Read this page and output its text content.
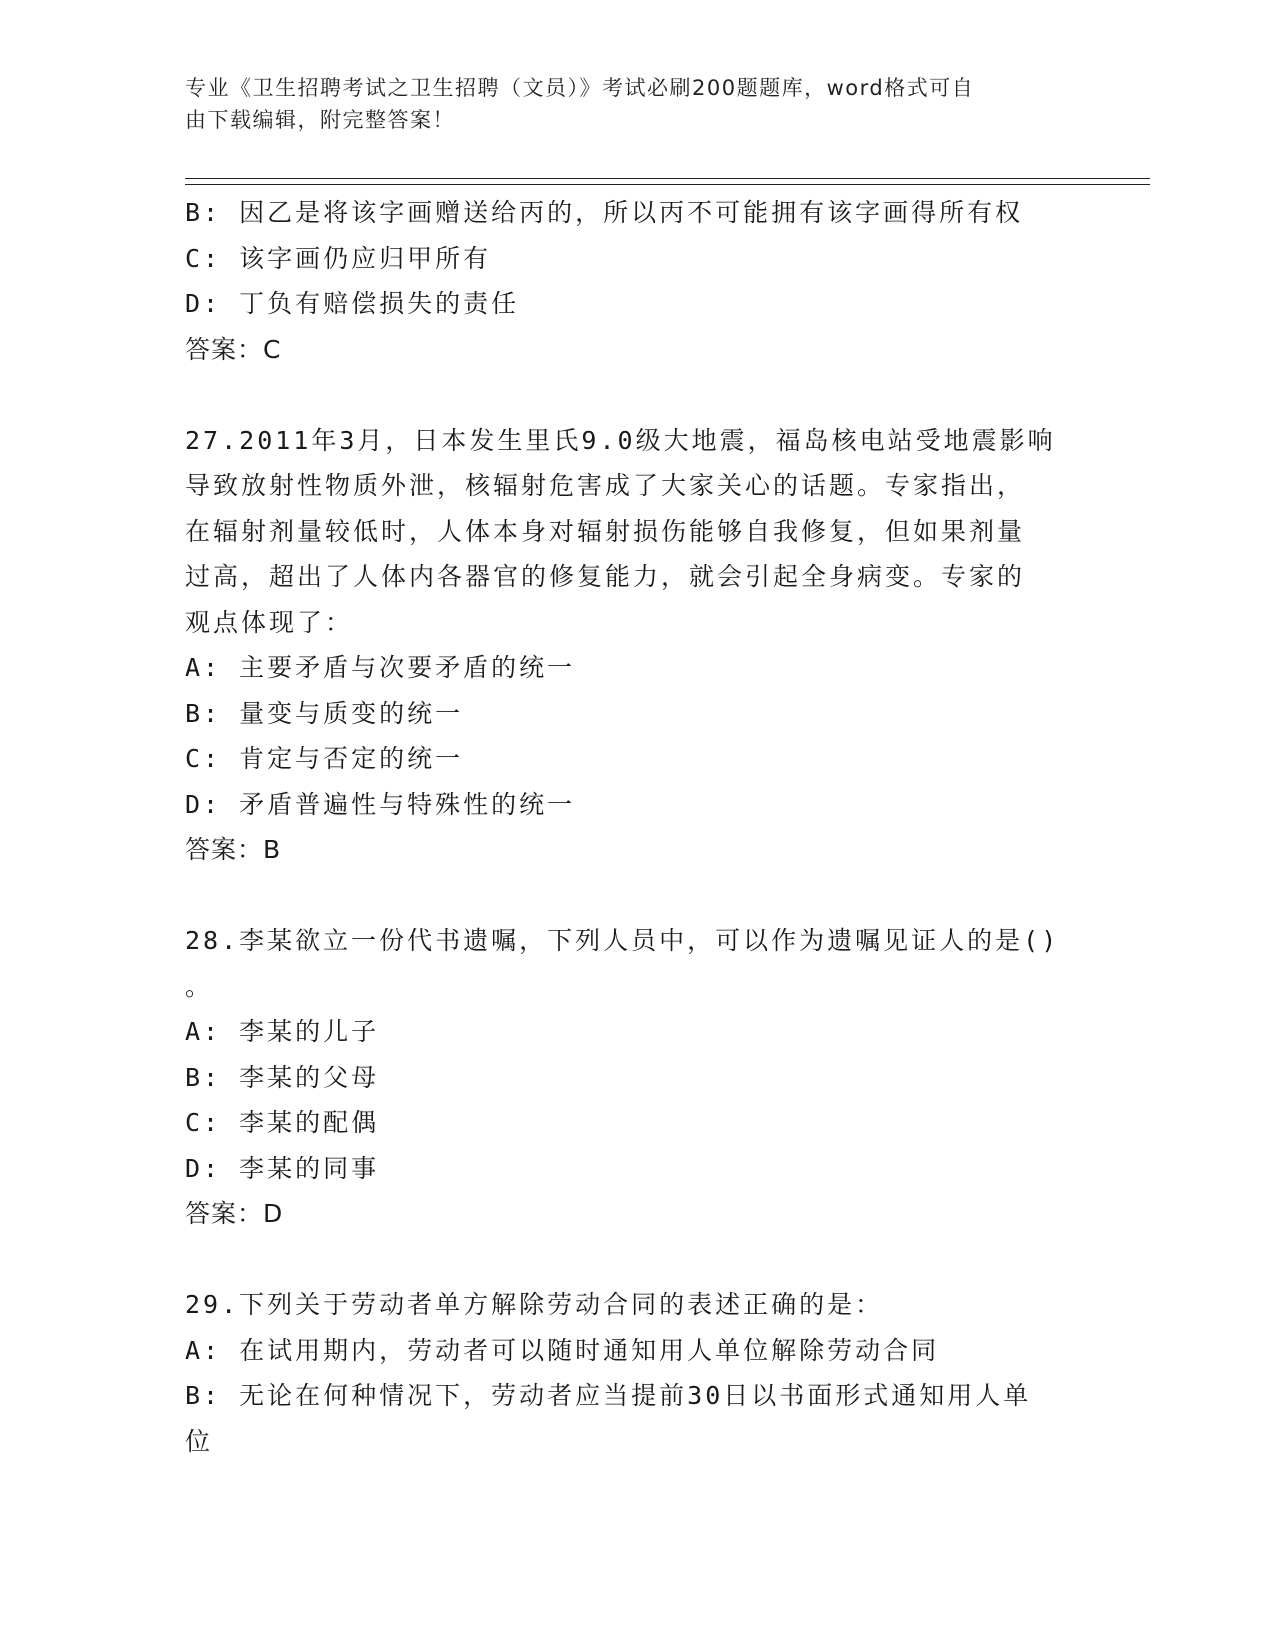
专业《卫生招聘考试之卫生招聘（文员）》考试必刷200题题库，word格式可自
由下载编辑，附完整答案！
B: 因乙是将该字画赠送给丙的，所以丙不可能拥有该字画得所有权
C: 该字画仍应归甲所有
D: 丁负有赔偿损失的责任
答案：C
27.2011年3月，日本发生里氏9.0级大地震，福岛核电站受地震影响
导致放射性物质外泄，核辐射危害成了大家关心的话题。专家指出，
在辐射剂量较低时，人体本身对辐射损伤能够自我修复，但如果剂量
过高，超出了人体内各器官的修复能力，就会引起全身病变。专家的
观点体现了：
A: 主要矛盾与次要矛盾的统一
B: 量变与质变的统一
C: 肯定与否定的统一
D: 矛盾普遍性与特殊性的统一
答案：B
28.李某欲立一份代书遗嘱，下列人员中，可以作为遗嘱见证人的是()
。
A: 李某的儿子
B: 李某的父母
C: 李某的配偶
D: 李某的同事
答案：D
29.下列关于劳动者单方解除劳动合同的表述正确的是：
A: 在试用期内，劳动者可以随时通知用人单位解除劳动合同
B: 无论在何种情况下，劳动者应当提前30日以书面形式通知用人单
位
